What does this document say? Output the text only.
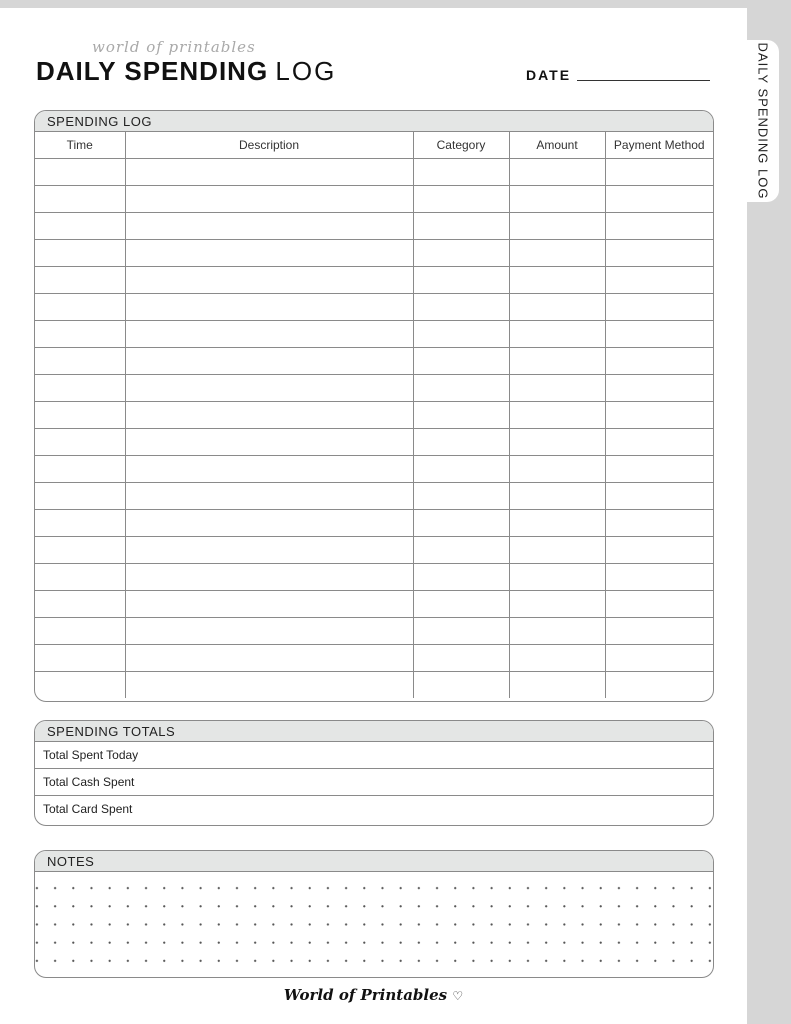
DAILY SPENDING LOG
world of printables
DAILY SPENDING LOG	DATE
SPENDING LOG
Time	Description	Category	Amount	Payment Method

SPENDING TOTALS
Total Spent Today
Total Cash Spent
Total Card Spent
NOTES
World of Printables ♡
